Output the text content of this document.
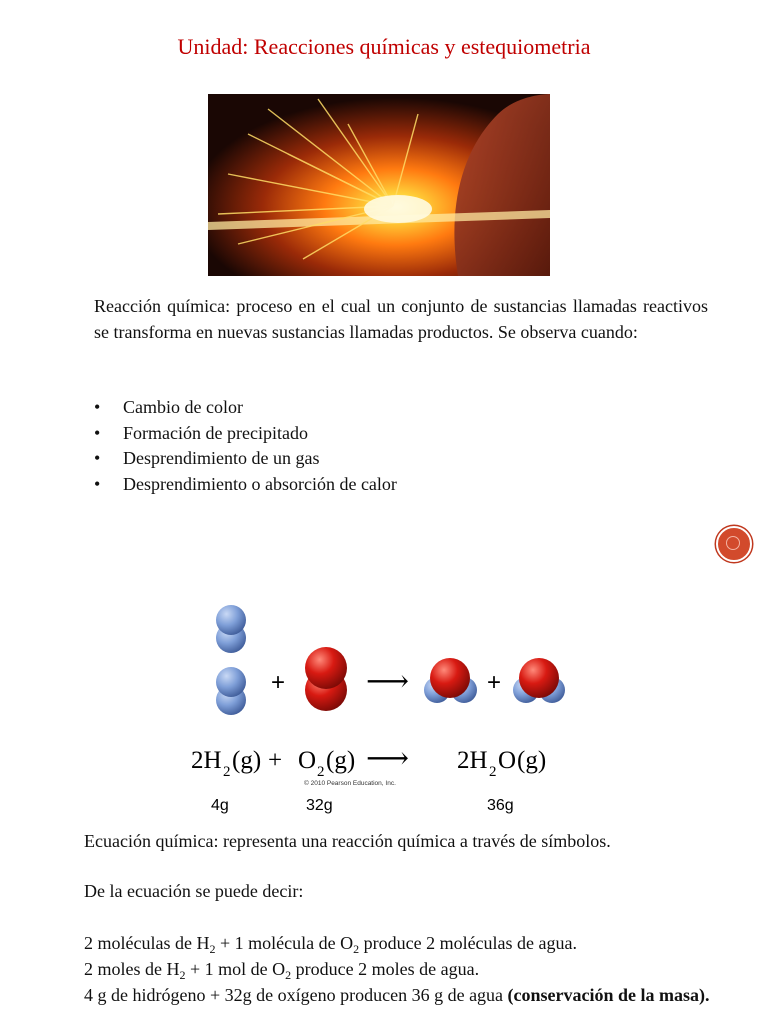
Unidad: Reacciones químicas y estequiometria
Reacción química: proceso en el cual un conjunto de sustancias llamadas reactivos se transforma en nuevas sustancias llamadas productos. Se observa cuando:
• Cambio de color
• Formación de precipitado
• Desprendimiento de un gas
• Desprendimiento o absorción de calor
+	⟶	+
2H 2 (g) + O 2 (g) ⟶ 2H 2 O (g)
© 2010 Pearson Education, Inc.
4g	32g	36g
Ecuación química: representa una reacción química a través de símbolos.
De la ecuación se puede decir:
2 moléculas de $H_2 + 1$ molécula de $O_2$ produce 2 moléculas de agua.
2 moles de $H_2 + 1$ mol de $O_2$ produce 2 moles de agua.
4 g de hidrógeno + 32g de oxígeno producen 36 g de agua (conservación de la masa).
